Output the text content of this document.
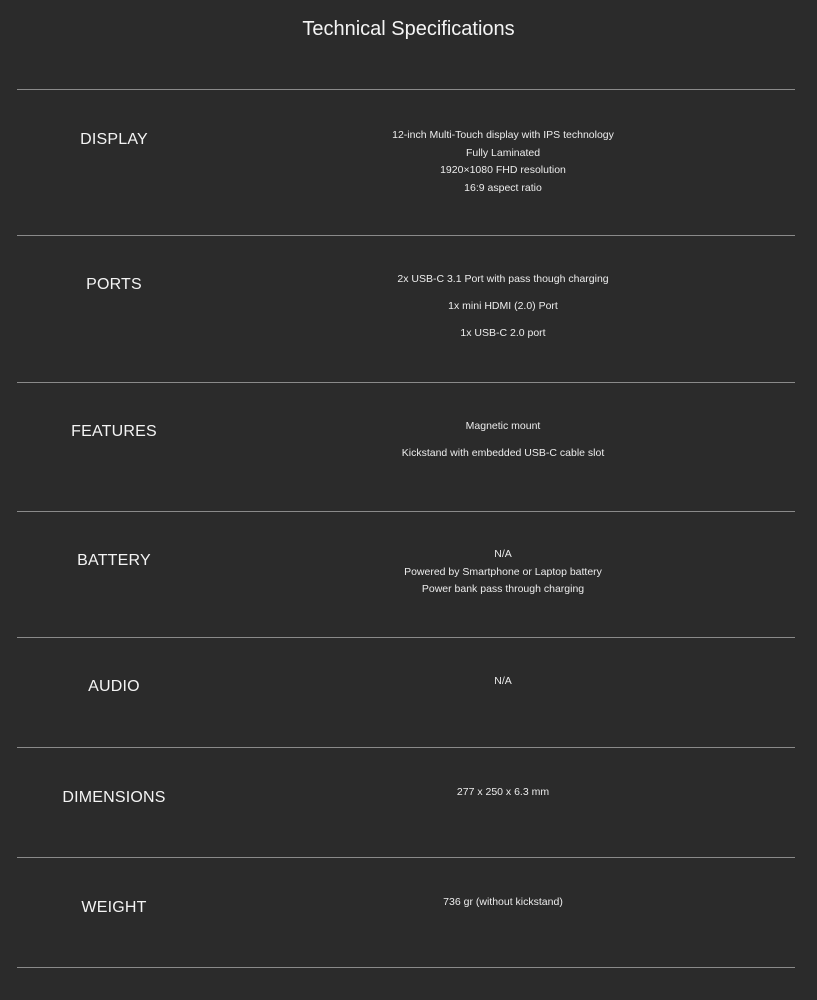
Technical Specifications
DISPLAY	12-inch Multi-Touch display with IPS technology
Fully Laminated
1920×1080 FHD resolution
16:9 aspect ratio
PORTS	2x USB-C 3.1 Port with pass though charging
1x mini HDMI (2.0) Port
1x USB-C 2.0 port
FEATURES	Magnetic mount
Kickstand with embedded USB-C cable slot
BATTERY	N/A
Powered by Smartphone or Laptop battery
Power bank pass through charging
AUDIO	N/A
DIMENSIONS	277 x 250 x 6.3 mm
WEIGHT	736 gr (without kickstand)
